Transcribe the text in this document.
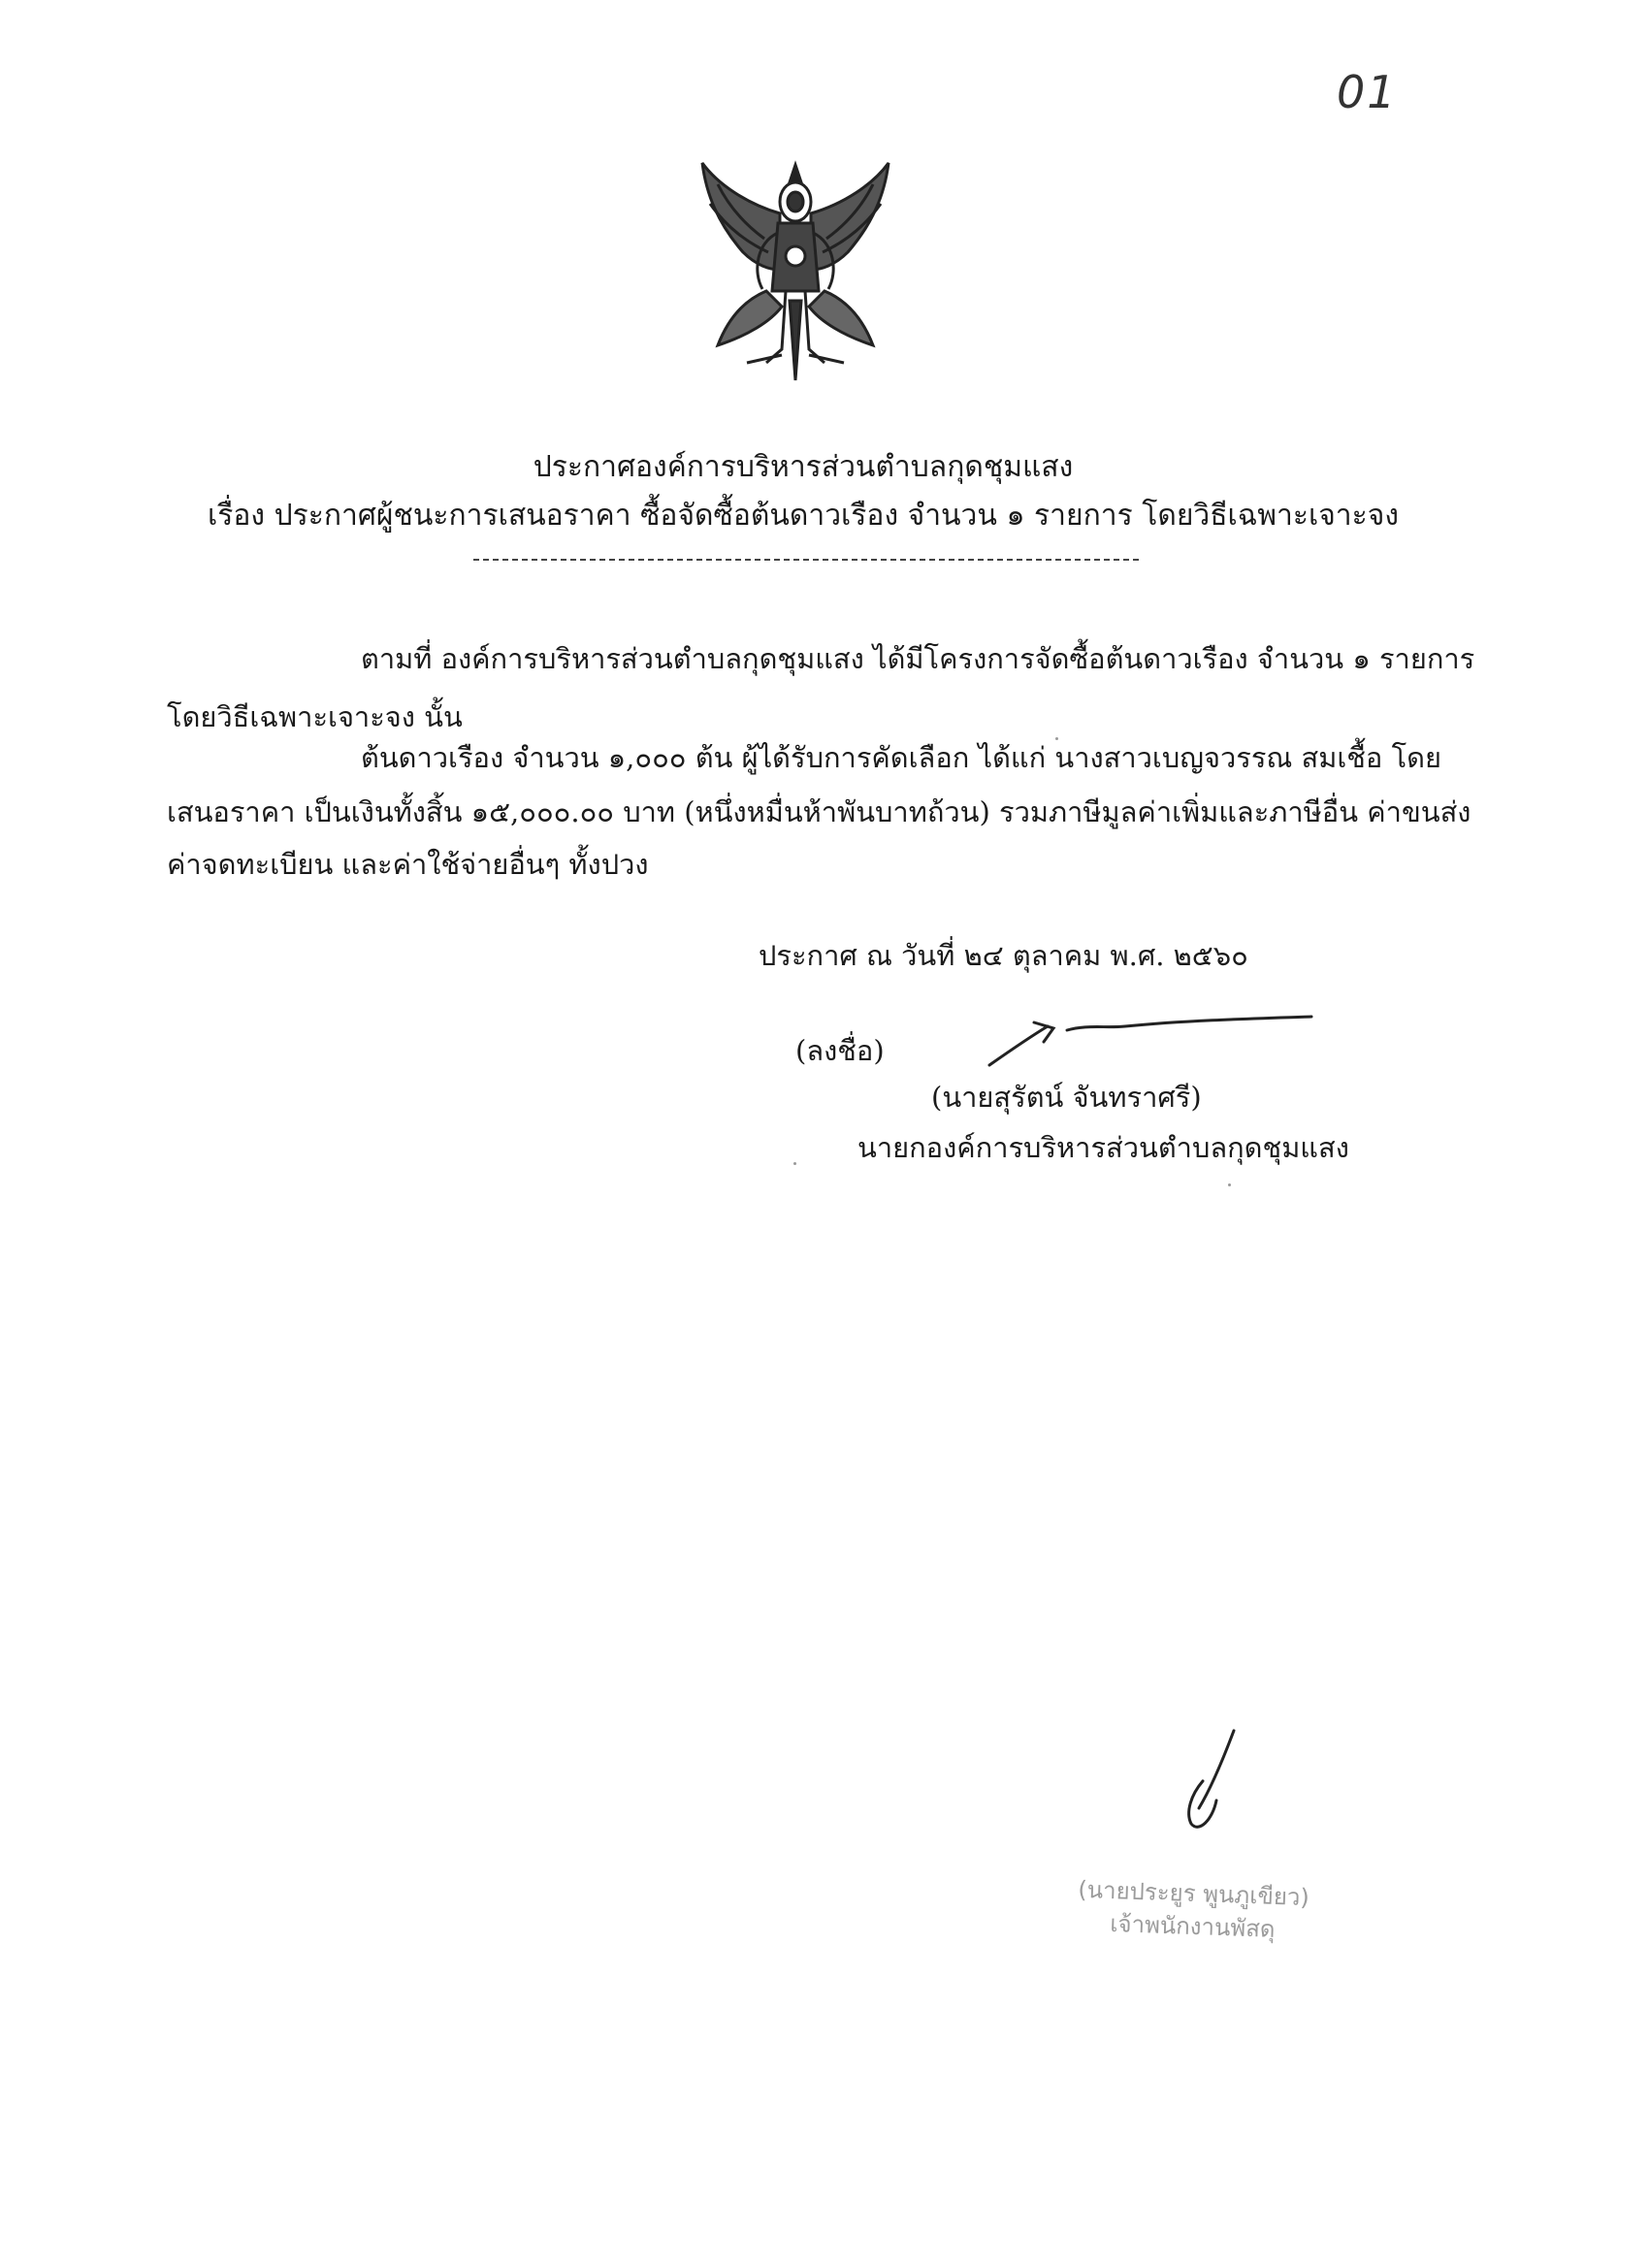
01
ประกาศองค์การบริหารส่วนตำบลกุดชุมแสง
เรื่อง ประกาศผู้ชนะการเสนอราคา ซื้อจัดซื้อต้นดาวเรือง จำนวน ๑ รายการ โดยวิธีเฉพาะเจาะจง
ตามที่ องค์การบริหารส่วนตำบลกุดชุมแสง ได้มีโครงการจัดซื้อต้นดาวเรือง จำนวน ๑ รายการ
โดยวิธีเฉพาะเจาะจง นั้น
ต้นดาวเรือง จำนวน ๑,๐๐๐ ต้น ผู้ได้รับการคัดเลือก ได้แก่ นางสาวเบญจวรรณ สมเชื้อ โดย
เสนอราคา เป็นเงินทั้งสิ้น ๑๕,๐๐๐.๐๐ บาท (หนึ่งหมื่นห้าพันบาทถ้วน) รวมภาษีมูลค่าเพิ่มและภาษีอื่น ค่าขนส่ง
ค่าจดทะเบียน และค่าใช้จ่ายอื่นๆ ทั้งปวง
ประกาศ ณ วันที่ ๒๔ ตุลาคม พ.ศ. ๒๕๖๐
(ลงชื่อ)
(นายสุรัตน์ จันทราศรี)
นายกองค์การบริหารส่วนตำบลกุดชุมแสง
(นายประยูร พูนภูเขียว)
เจ้าพนักงานพัสดุ
